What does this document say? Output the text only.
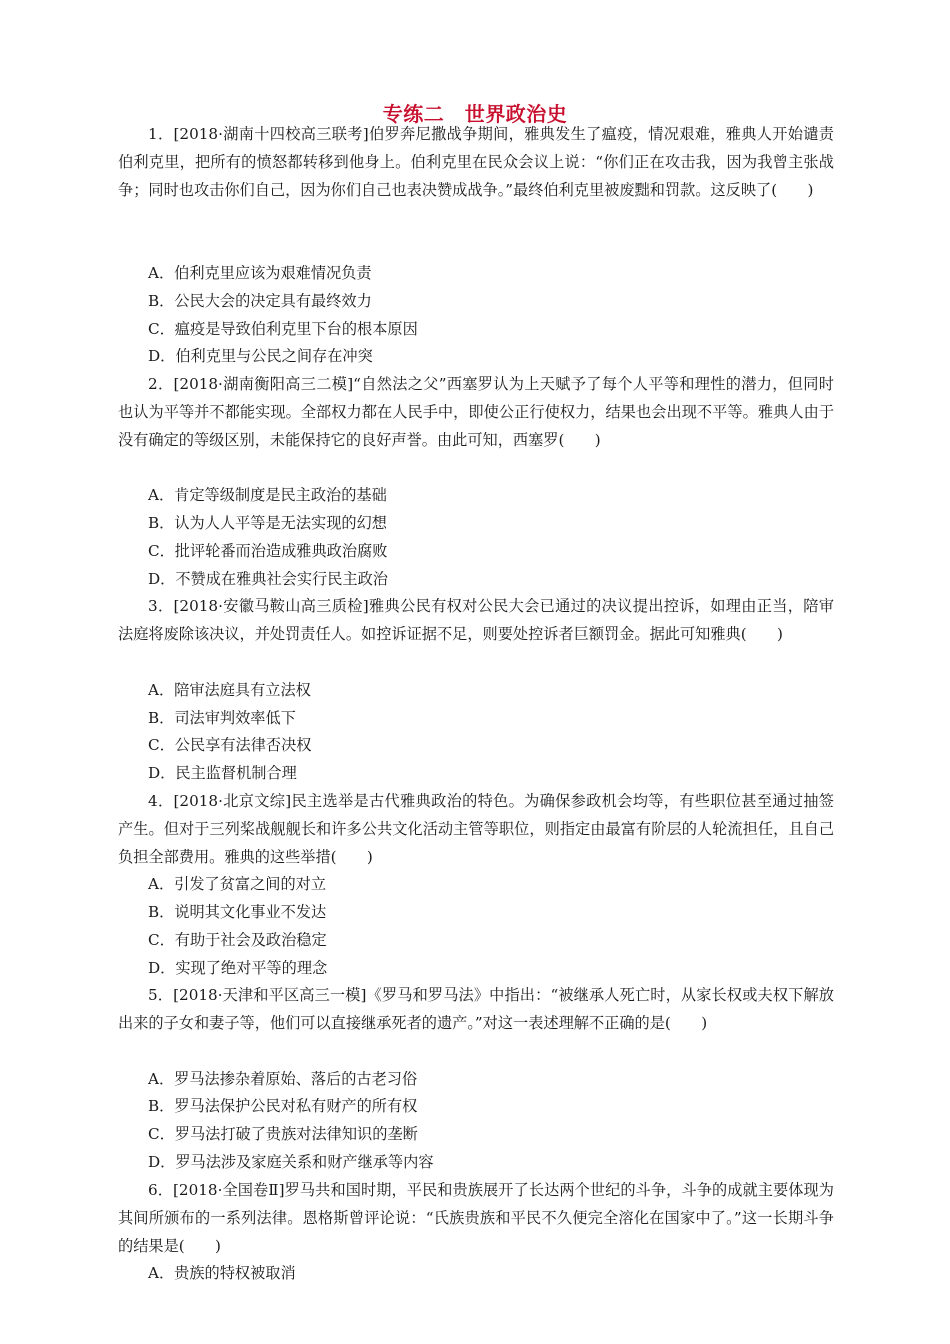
专练二　世界政治史

1．[2018·湖南十四校高三联考]伯罗奔尼撒战争期间，雅典发生了瘟疫，情况艰难，雅典人开始谴责伯利克里，把所有的愤怒都转移到他身上。伯利克里在民众会议上说：“你们正在攻击我，因为我曾主张战争；同时也攻击你们自己，因为你们自己也表决赞成战争。”最终伯利克里被废黜和罚款。这反映了(　　)

A．伯利克里应该为艰难情况负责

B．公民大会的决定具有最终效力

C．瘟疫是导致伯利克里下台的根本原因

D．伯利克里与公民之间存在冲突

2．[2018·湖南衡阳高三二模]“自然法之父”西塞罗认为上天赋予了每个人平等和理性的潜力，但同时也认为平等并不都能实现。全部权力都在人民手中，即使公正行使权力，结果也会出现不平等。雅典人由于没有确定的等级区别，未能保持它的良好声誉。由此可知，西塞罗(　　)

A．肯定等级制度是民主政治的基础

B．认为人人平等是无法实现的幻想

C．批评轮番而治造成雅典政治腐败

D．不赞成在雅典社会实行民主政治

3．[2018·安徽马鞍山高三质检]雅典公民有权对公民大会已通过的决议提出控诉，如理由正当，陪审法庭将废除该决议，并处罚责任人。如控诉证据不足，则要处控诉者巨额罚金。据此可知雅典(　　)

A．陪审法庭具有立法权

B．司法审判效率低下

C．公民享有法律否决权

D．民主监督机制合理

4．[2018·北京文综]民主选举是古代雅典政治的特色。为确保参政机会均等，有些职位甚至通过抽签产生。但对于三列桨战舰舰长和许多公共文化活动主管等职位，则指定由最富有阶层的人轮流担任，且自己负担全部费用。雅典的这些举措(　　)

A．引发了贫富之间的对立

B．说明其文化事业不发达

C．有助于社会及政治稳定

D．实现了绝对平等的理念

5．[2018·天津和平区高三一模]《罗马和罗马法》中指出：“被继承人死亡时，从家长权或夫权下解放出来的子女和妻子等，他们可以直接继承死者的遗产。”对这一表述理解不正确的是(　　)

A．罗马法掺杂着原始、落后的古老习俗

B．罗马法保护公民对私有财产的所有权

C．罗马法打破了贵族对法律知识的垄断

D．罗马法涉及家庭关系和财产继承等内容

6．[2018·全国卷Ⅱ]罗马共和国时期，平民和贵族展开了长达两个世纪的斗争，斗争的成就主要体现为其间所颁布的一系列法律。恩格斯曾评论说：“氏族贵族和平民不久便完全溶化在国家中了。”这一长期斗争的结果是(　　)

A．贵族的特权被取消
